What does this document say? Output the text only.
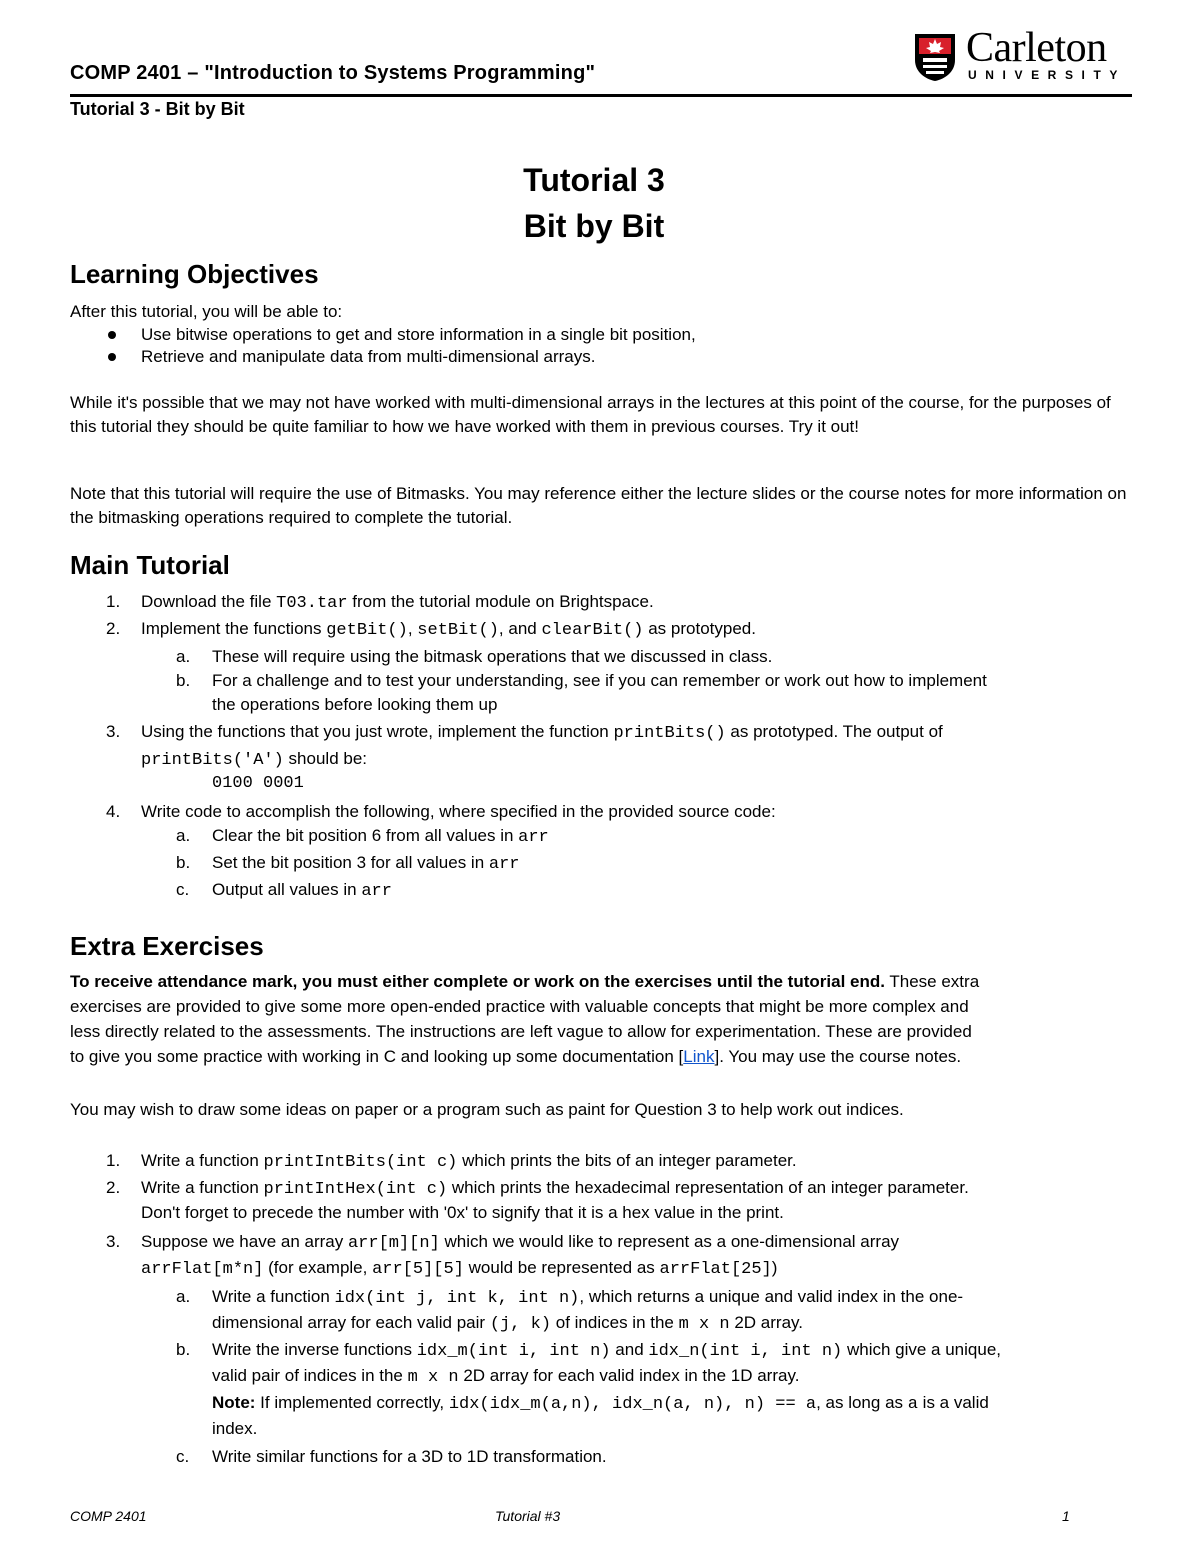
COMP 2401 – "Introduction to Systems Programming"
Tutorial 3 - Bit by Bit
Carleton
UNIVERSITY
Tutorial 3
Bit by Bit
Learning Objectives
After this tutorial, you will be able to:
Use bitwise operations to get and store information in a single bit position,
Retrieve and manipulate data from multi-dimensional arrays.
While it's possible that we may not have worked with multi-dimensional arrays in the lectures at this point of the course, for the purposes of this tutorial they should be quite familiar to how we have worked with them in previous courses. Try it out!
Note that this tutorial will require the use of Bitmasks. You may reference either the lecture slides or the course notes for more information on the bitmasking operations required to complete the tutorial.
Main Tutorial
1. Download the file T03.tar from the tutorial module on Brightspace.
2. Implement the functions getBit(), setBit(), and clearBit() as prototyped.
a. These will require using the bitmask operations that we discussed in class.
b. For a challenge and to test your understanding, see if you can remember or work out how to implement
the operations before looking them up
3. Using the functions that you just wrote, implement the function printBits() as prototyped. The output of
printBits('A') should be:
0100 0001
4. Write code to accomplish the following, where specified in the provided source code:
a. Clear the bit position 6 from all values in arr
b. Set the bit position 3 for all values in arr
c. Output all values in arr
Extra Exercises
To receive attendance mark, you must either complete or work on the exercises until the tutorial end. These extra
exercises are provided to give some more open-ended practice with valuable concepts that might be more complex and
less directly related to the assessments. The instructions are left vague to allow for experimentation. These are provided
to give you some practice with working in C and looking up some documentation [Link]. You may use the course notes.
You may wish to draw some ideas on paper or a program such as paint for Question 3 to help work out indices.
1. Write a function printIntBits(int c) which prints the bits of an integer parameter.
2. Write a function printIntHex(int c) which prints the hexadecimal representation of an integer parameter.
Don't forget to precede the number with '0x' to signify that it is a hex value in the print.
3. Suppose we have an array arr[m][n] which we would like to represent as a one-dimensional array
arrFlat[m*n] (for example, arr[5][5] would be represented as arrFlat[25])
a. Write a function idx(int j, int k, int n), which returns a unique and valid index in the one-
dimensional array for each valid pair (j, k) of indices in the m x n 2D array.
b. Write the inverse functions idx_m(int i, int n) and idx_n(int i, int n) which give a unique,
valid pair of indices in the m x n 2D array for each valid index in the 1D array.
Note: If implemented correctly, idx(idx_m(a,n), idx_n(a, n), n) == a, as long as a is a valid
index.
c. Write similar functions for a 3D to 1D transformation.
COMP 2401	Tutorial #3	1
